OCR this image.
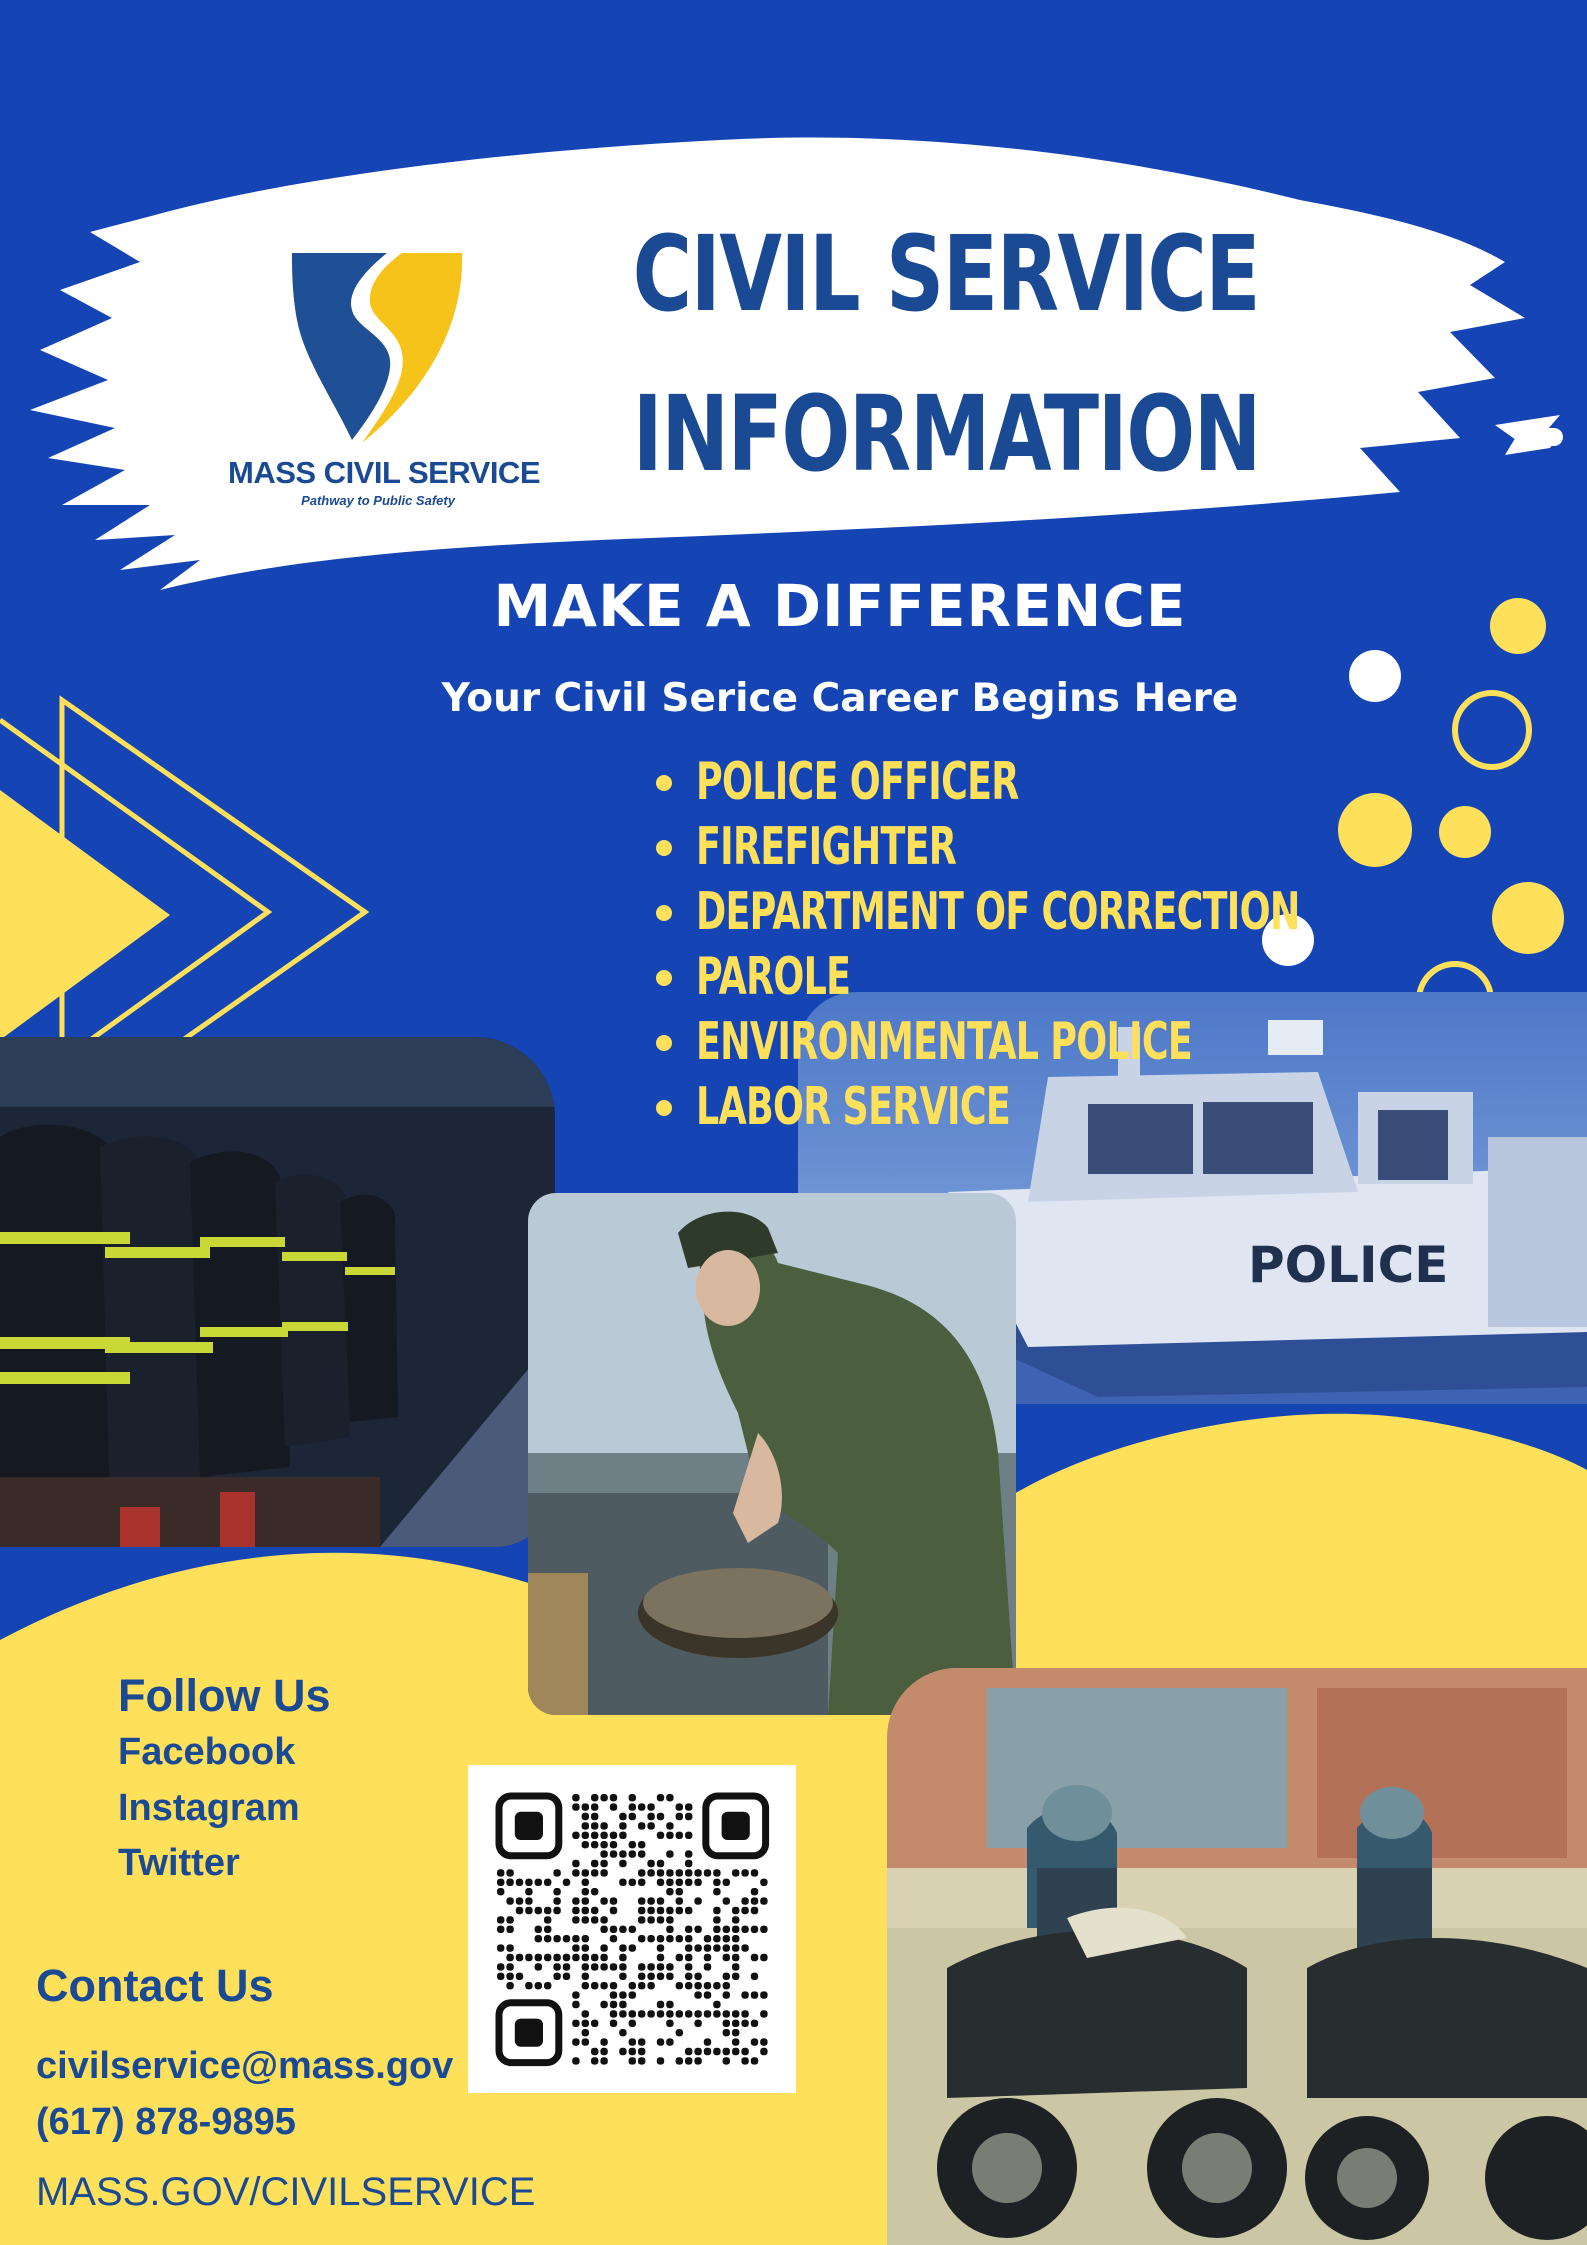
MASS CIVIL SERVICE
Pathway to Public Safety
CIVIL SERVICE
INFORMATION
MAKE A DIFFERENCE
Your Civil Serice Career Begins Here
POLICE
POLICE OFFICER
FIREFIGHTER
DEPARTMENT OF CORRECTION
PAROLE
ENVIRONMENTAL POLICE
LABOR SERVICE
Follow Us
Facebook
Instagram
Twitter
Contact Us
civilservice@mass.gov
(617) 878-9895
MASS.GOV/CIVILSERVICE
